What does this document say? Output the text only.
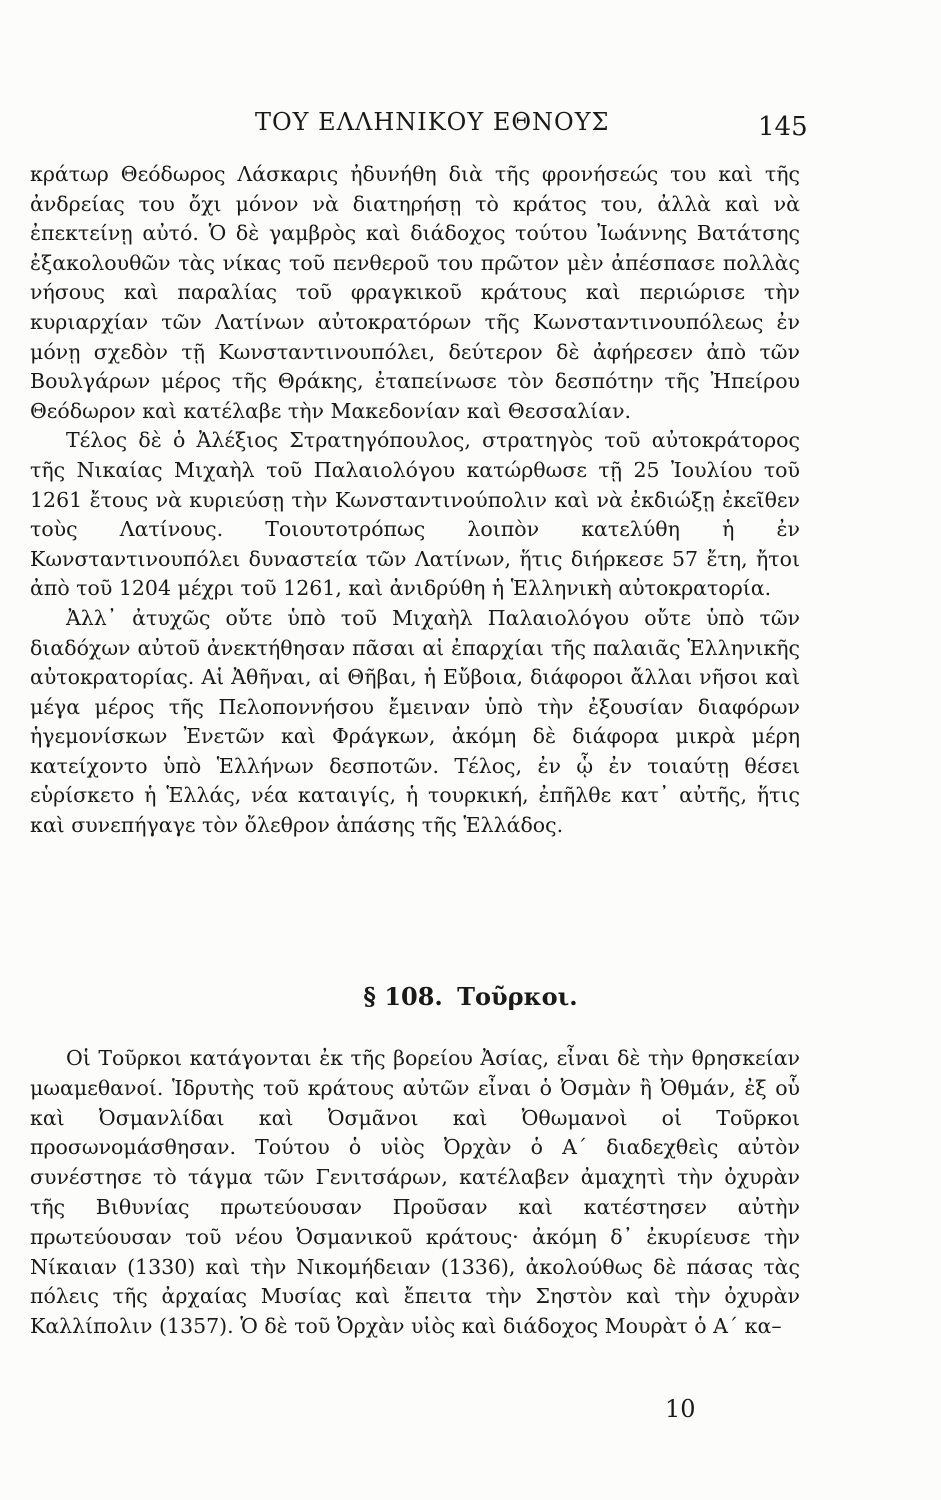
ΤΟΥ ΕΛΛΗΝΙΚΟΥ ΕΘΝΟΥΣ	145

κράτωρ Θεόδωρος Λάσκαρις ἠδυνήθη διὰ τῆς φρονήσεώς του καὶ τῆς ἀνδρείας του ὄχι μόνον νὰ διατηρήσῃ τὸ κράτος του, ἀλλὰ καὶ νὰ ἐπεκτείνῃ αὐτό. Ὁ δὲ γαμβρὸς καὶ διάδοχος τούτου Ἰωάννης Βατάτσης ἐξακολουθῶν τὰς νίκας τοῦ πενθεροῦ του πρῶτον μὲν ἀπέσπασε πολλὰς νήσους καὶ παραλίας τοῦ φραγκικοῦ κράτους καὶ περιώρισε τὴν κυριαρχίαν τῶν Λατίνων αὐτοκρατόρων τῆς Κωνσταντινουπόλεως ἐν μόνῃ σχεδὸν τῇ Κωνσταντινουπόλει, δεύτερον δὲ ἀφήρεσεν ἀπὸ τῶν Βουλγάρων μέρος τῆς Θράκης, ἐταπείνωσε τὸν δεσπότην τῆς Ἠπείρου Θεόδωρον καὶ κατέλαβε τὴν Μακεδονίαν καὶ Θεσσαλίαν.

Τέλος δὲ ὁ Ἀλέξιος Στρατηγόπουλος, στρατηγὸς τοῦ αὐτοκράτορος τῆς Νικαίας Μιχαὴλ τοῦ Παλαιολόγου κατώρθωσε τῇ 25 Ἰουλίου τοῦ 1261 ἔτους νὰ κυριεύσῃ τὴν Κωνσταντινούπολιν καὶ νὰ ἐκδιώξῃ ἐκεῖθεν τοὺς Λατίνους. Τοιουτοτρόπως λοιπὸν κατελύθη ἡ ἐν Κωνσταντινουπόλει δυναστεία τῶν Λατίνων, ἥτις διήρκεσε 57 ἔτη, ἤτοι ἀπὸ τοῦ 1204 μέχρι τοῦ 1261, καὶ ἀνιδρύθη ἡ Ἑλληνικὴ αὐτοκρατορία.

Ἀλλ᾽ ἀτυχῶς οὔτε ὑπὸ τοῦ Μιχαὴλ Παλαιολόγου οὔτε ὑπὸ τῶν διαδόχων αὐτοῦ ἀνεκτήθησαν πᾶσαι αἱ ἐπαρχίαι τῆς παλαιᾶς Ἑλληνικῆς αὐτοκρατορίας. Αἱ Ἀθῆναι, αἱ Θῆβαι, ἡ Εὔβοια, διάφοροι ἄλλαι νῆσοι καὶ μέγα μέρος τῆς Πελοποννήσου ἔμειναν ὑπὸ τὴν ἐξουσίαν διαφόρων ἡγεμονίσκων Ἐνετῶν καὶ Φράγκων, ἀκόμη δὲ διάφορα μικρὰ μέρη κατείχοντο ὑπὸ Ἑλλήνων δεσποτῶν. Τέλος, ἐν ᾧ ἐν τοιαύτῃ θέσει εὑρίσκετο ἡ Ἑλλάς, νέα καταιγίς, ἡ τουρκική, ἐπῆλθε κατ᾽ αὐτῆς, ἥτις καὶ συνεπήγαγε τὸν ὄλεθρον ἁπάσης τῆς Ἑλλάδος.

§ 108. Τοῦρκοι.

Οἱ Τοῦρκοι κατάγονται ἐκ τῆς βορείου Ἀσίας, εἶναι δὲ τὴν θρησκείαν μωαμεθανοί. Ἱδρυτὴς τοῦ κράτους αὐτῶν εἶναι ὁ Ὀσμὰν ἢ Ὀθμάν, ἐξ οὗ καὶ Ὀσμανλίδαι καὶ Ὀσμᾶνοι καὶ Ὀθωμανοὶ οἱ Τοῦρκοι προσωνομάσθησαν. Τούτου ὁ υἱὸς Ὀρχὰν ὁ Α΄ διαδεχθεὶς αὐτὸν συνέστησε τὸ τάγμα τῶν Γενιτσάρων, κατέλαβεν ἀμαχητὶ τὴν ὀχυρὰν τῆς Βιθυνίας πρωτεύουσαν Προῦσαν καὶ κατέστησεν αὐτὴν πρωτεύουσαν τοῦ νέου Ὀσμανικοῦ κράτους· ἀκόμη δ᾽ ἐκυρίευσε τὴν Νίκαιαν (1330) καὶ τὴν Νικομήδειαν (1336), ἀκολούθως δὲ πάσας τὰς πόλεις τῆς ἀρχαίας Μυσίας καὶ ἔπειτα τὴν Σηστὸν καὶ τὴν ὀχυρὰν Καλλίπολιν (1357). Ὁ δὲ τοῦ Ὀρχὰν υἱὸς καὶ διάδοχος Μουρὰτ ὁ Α΄ κα–

10
